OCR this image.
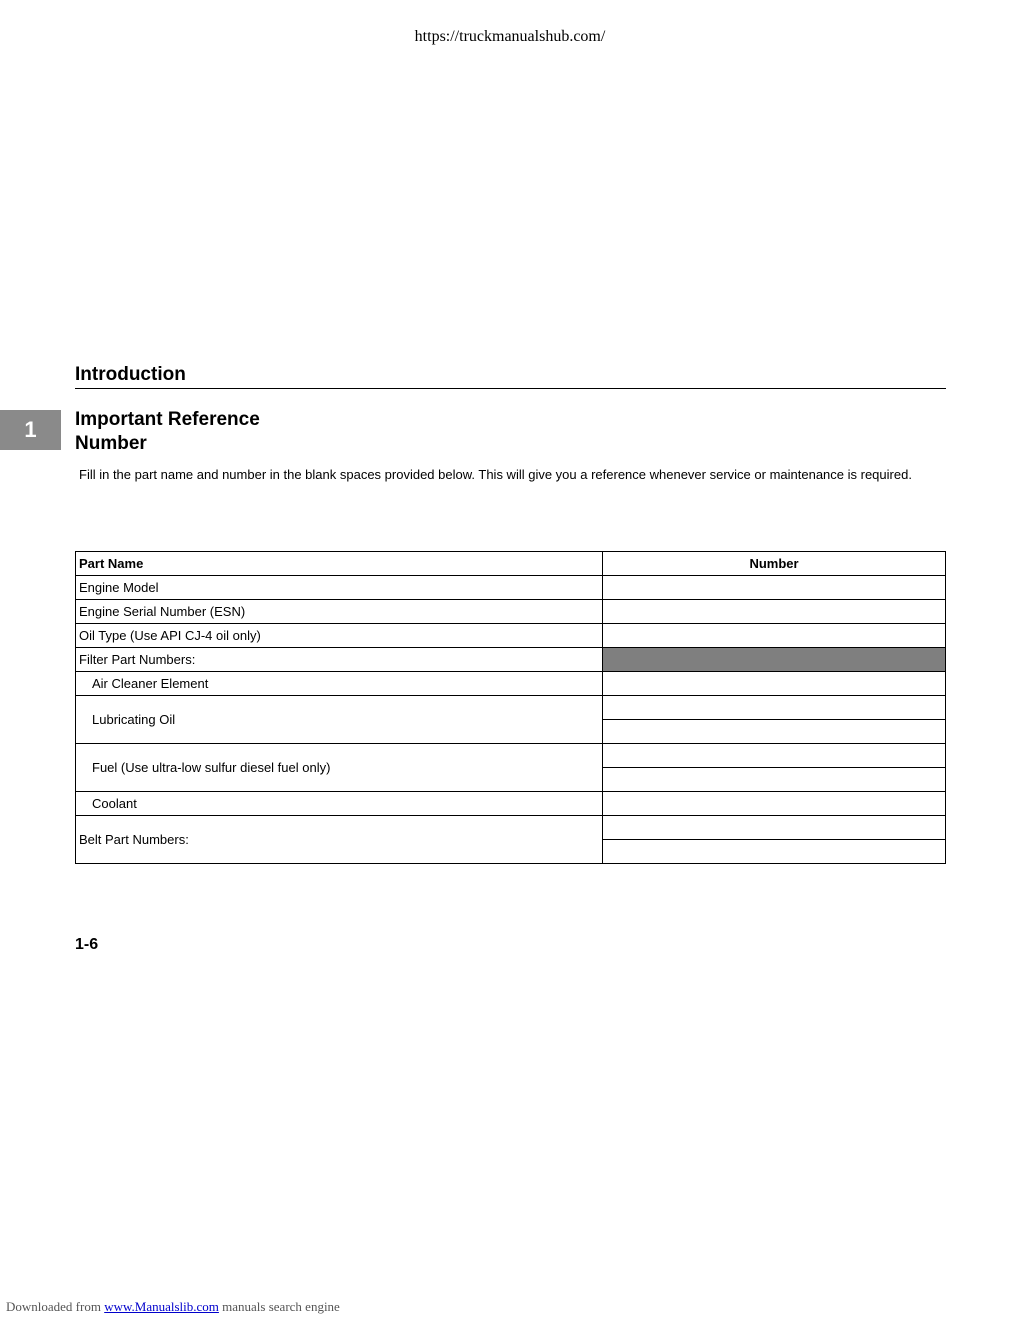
https://truckmanualshub.com/
Introduction
1	Important Reference
Number
Fill in the part name and number in the blank spaces provided below. This will give you a reference whenever service or maintenance is required.
Part Name	Number
Engine Model	
Engine Serial Number (ESN)	
Oil Type (Use API CJ-4 oil only)	
Filter Part Numbers:	
Air Cleaner Element	
Lubricating Oil	

Fuel (Use ultra-low sulfur diesel fuel only)	

Coolant	
Belt Part Numbers:	

1-6
Downloaded from www.Manualslib.com manuals search engine
